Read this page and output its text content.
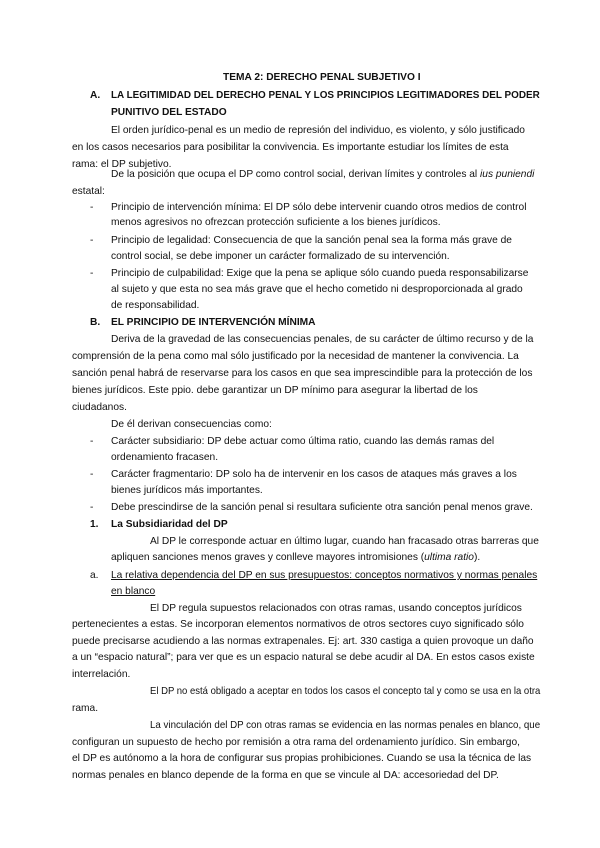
TEMA 2: DERECHO PENAL SUBJETIVO I
A. LA LEGITIMIDAD DEL DERECHO PENAL Y LOS PRINCIPIOS LEGITIMADORES DEL PODER
PUNITIVO DEL ESTADO
El orden jurídico-penal es un medio de represión del individuo, es violento, y sólo justificado
en los casos necesarios para posibilitar la convivencia. Es importante estudiar los límites de esta
rama: el DP subjetivo.
De la posición que ocupa el DP como control social, derivan límites y controles al ius puniendi
estatal:
- Principio de intervención mínima: El DP sólo debe intervenir cuando otros medios de control
menos agresivos no ofrezcan protección suficiente a los bienes jurídicos.
- Principio de legalidad: Consecuencia de que la sanción penal sea la forma más grave de
control social, se debe imponer un carácter formalizado de su intervención.
- Principio de culpabilidad: Exige que la pena se aplique sólo cuando pueda responsabilizarse
al sujeto y que esta no sea más grave que el hecho cometido ni desproporcionada al grado
de responsabilidad.
B. EL PRINCIPIO DE INTERVENCIÓN MÍNIMA
Deriva de la gravedad de las consecuencias penales, de su carácter de último recurso y de la
comprensión de la pena como mal sólo justificado por la necesidad de mantener la convivencia. La
sanción penal habrá de reservarse para los casos en que sea imprescindible para la protección de los
bienes jurídicos. Este ppio. debe garantizar un DP mínimo para asegurar la libertad de los
ciudadanos.
De él derivan consecuencias como:
- Carácter subsidiario: DP debe actuar como última ratio, cuando las demás ramas del
ordenamiento fracasen.
- Carácter fragmentario: DP solo ha de intervenir en los casos de ataques más graves a los
bienes jurídicos más importantes.
- Debe prescindirse de la sanción penal si resultara suficiente otra sanción penal menos grave.
1. La Subsidiaridad del DP
Al DP le corresponde actuar en último lugar, cuando han fracasado otras barreras que
apliquen sanciones menos graves y conlleve mayores intromisiones (ultima ratio).
a. La relativa dependencia del DP en sus presupuestos: conceptos normativos y normas penales
en blanco
El DP regula supuestos relacionados con otras ramas, usando conceptos jurídicos
pertenecientes a estas. Se incorporan elementos normativos de otros sectores cuyo significado sólo
puede precisarse acudiendo a las normas extrapenales. Ej: art. 330 castiga a quien provoque un daño
a un “espacio natural”; para ver que es un espacio natural se debe acudir al DA. En estos casos existe
interrelación.
El DP no está obligado a aceptar en todos los casos el concepto tal y como se usa en la otra
rama.
La vinculación del DP con otras ramas se evidencia en las normas penales en blanco, que
configuran un supuesto de hecho por remisión a otra rama del ordenamiento jurídico. Sin embargo,
el DP es autónomo a la hora de configurar sus propias prohibiciones. Cuando se usa la técnica de las
normas penales en blanco depende de la forma en que se vincule al DA: accesoriedad del DP.
